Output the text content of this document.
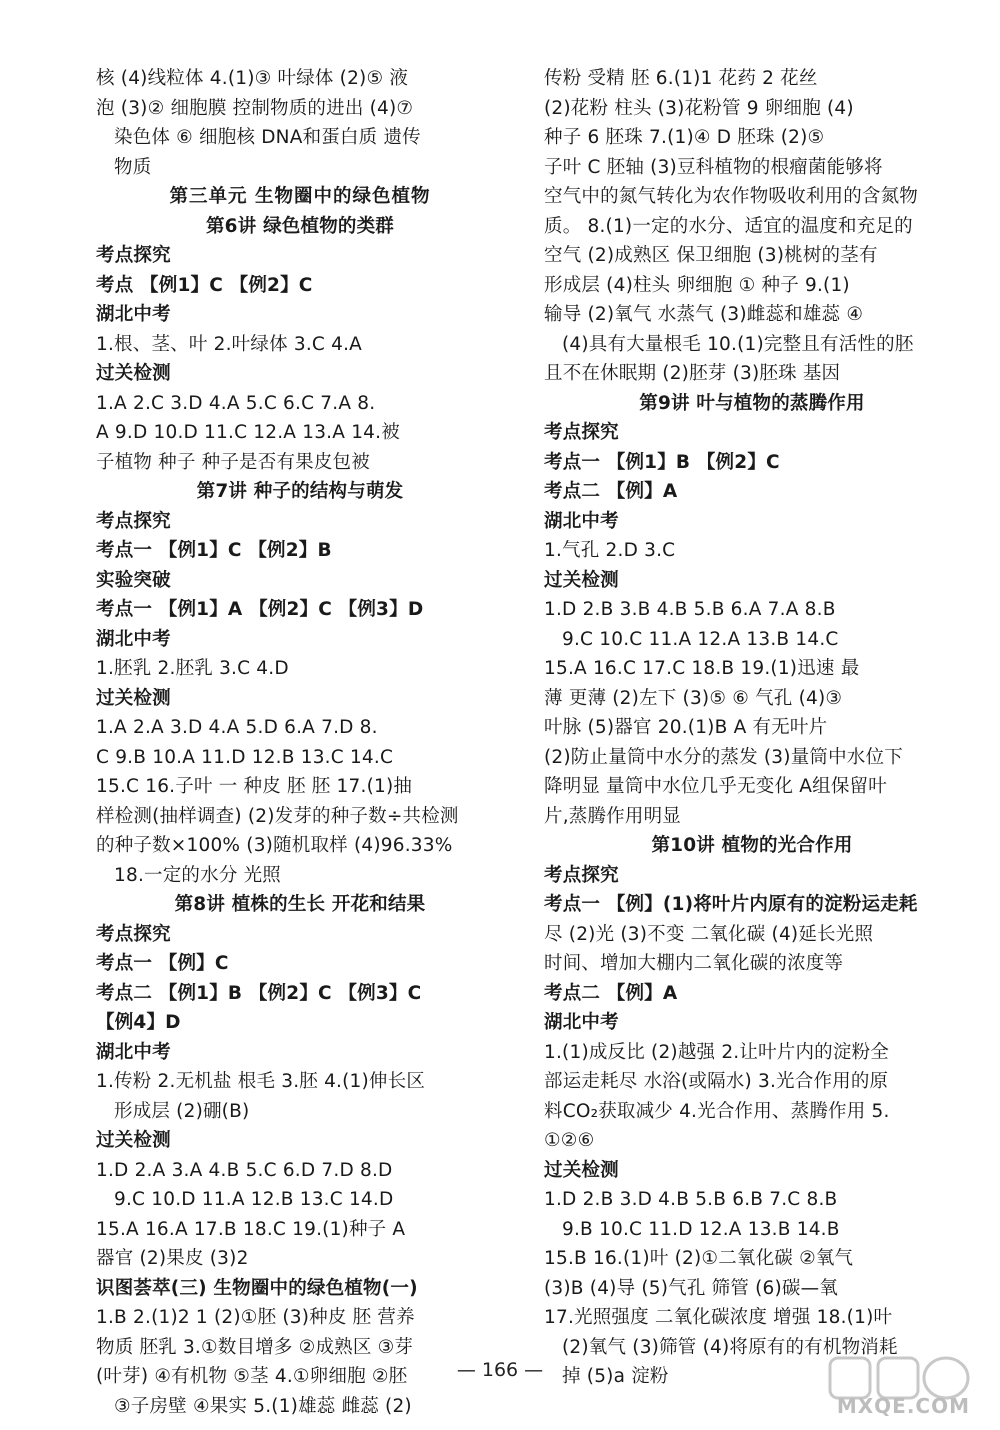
核 (4)线粒体 4.(1)③ 叶绿体 (2)⑤ 液
泡 (3)② 细胞膜 控制物质的进出 (4)⑦
染色体 ⑥ 细胞核 DNA和蛋白质 遗传
物质
第三单元 生物圈中的绿色植物
第6讲 绿色植物的类群
考点探究
考点 【例1】C 【例2】C
湖北中考
1.根、茎、叶 2.叶绿体 3.C 4.A
过关检测
1.A 2.C 3.D 4.A 5.C 6.C 7.A 8.
A 9.D 10.D 11.C 12.A 13.A 14.被
子植物 种子 种子是否有果皮包被
第7讲 种子的结构与萌发
考点探究
考点一 【例1】C 【例2】B
实验突破
考点一 【例1】A 【例2】C 【例3】D
湖北中考
1.胚乳 2.胚乳 3.C 4.D
过关检测
1.A 2.A 3.D 4.A 5.D 6.A 7.D 8.
C 9.B 10.A 11.D 12.B 13.C 14.C
15.C 16.子叶 一 种皮 胚 胚 17.(1)抽
样检测(抽样调查) (2)发芽的种子数÷共检测
的种子数×100% (3)随机取样 (4)96.33%
18.一定的水分 光照
第8讲 植株的生长 开花和结果
考点探究
考点一 【例】C
考点二 【例1】B 【例2】C 【例3】C
【例4】D
湖北中考
1.传粉 2.无机盐 根毛 3.胚 4.(1)伸长区
形成层 (2)硼(B)
过关检测
1.D 2.A 3.A 4.B 5.C 6.D 7.D 8.D
9.C 10.D 11.A 12.B 13.C 14.D
15.A 16.A 17.B 18.C 19.(1)种子 A
器官 (2)果皮 (3)2
识图荟萃(三) 生物圈中的绿色植物(一)
1.B 2.(1)2 1 (2)①胚 (3)种皮 胚 营养
物质 胚乳 3.①数目增多 ②成熟区 ③芽
(叶芽) ④有机物 ⑤茎 4.①卵细胞 ②胚
③子房壁 ④果实 5.(1)雄蕊 雌蕊 (2)
传粉 受精 胚 6.(1)1 花药 2 花丝
(2)花粉 柱头 (3)花粉管 9 卵细胞 (4)
种子 6 胚珠 7.(1)④ D 胚珠 (2)⑤
子叶 C 胚轴 (3)豆科植物的根瘤菌能够将
空气中的氮气转化为农作物吸收利用的含氮物
质。 8.(1)一定的水分、适宜的温度和充足的
空气 (2)成熟区 保卫细胞 (3)桃树的茎有
形成层 (4)柱头 卵细胞 ① 种子 9.(1)
输导 (2)氧气 水蒸气 (3)雌蕊和雄蕊 ④
(4)具有大量根毛 10.(1)完整且有活性的胚
且不在休眠期 (2)胚芽 (3)胚珠 基因
第9讲 叶与植物的蒸腾作用
考点探究
考点一 【例1】B 【例2】C
考点二 【例】A
湖北中考
1.气孔 2.D 3.C
过关检测
1.D 2.B 3.B 4.B 5.B 6.A 7.A 8.B
9.C 10.C 11.A 12.A 13.B 14.C
15.A 16.C 17.C 18.B 19.(1)迅速 最
薄 更薄 (2)左下 (3)⑤ ⑥ 气孔 (4)③
叶脉 (5)器官 20.(1)B A 有无叶片
(2)防止量筒中水分的蒸发 (3)量筒中水位下
降明显 量筒中水位几乎无变化 A组保留叶
片,蒸腾作用明显
第10讲 植物的光合作用
考点探究
考点一 【例】(1)将叶片内原有的淀粉运走耗
尽 (2)光 (3)不变 二氧化碳 (4)延长光照
时间、增加大棚内二氧化碳的浓度等
考点二 【例】A
湖北中考
1.(1)成反比 (2)越强 2.让叶片内的淀粉全
部运走耗尽 水浴(或隔水) 3.光合作用的原
料CO₂获取减少 4.光合作用、蒸腾作用 5.
①②⑥
过关检测
1.D 2.B 3.D 4.B 5.B 6.B 7.C 8.B
9.B 10.C 11.D 12.A 13.B 14.B
15.B 16.(1)叶 (2)①二氧化碳 ②氧气
(3)B (4)导 (5)气孔 筛管 (6)碳—氧
17.光照强度 二氧化碳浓度 增强 18.(1)叶
(2)氧气 (3)筛管 (4)将原有的有机物消耗
掉 (5)a 淀粉
— 166 —
MXQE.COM
